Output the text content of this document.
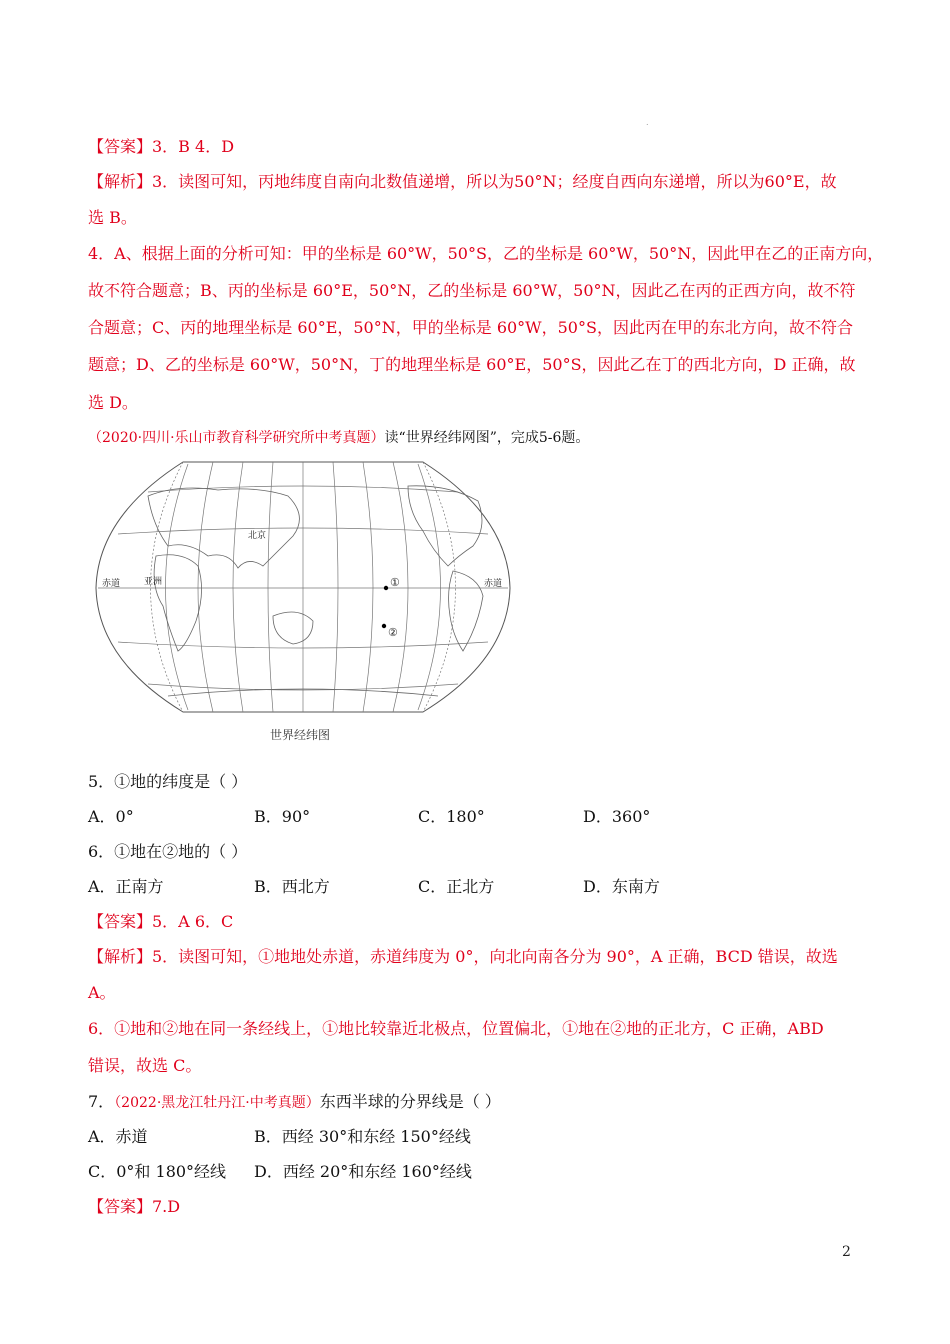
.
【答案】3．B 4．D
【解析】3．读图可知，丙地纬度自南向北数值递增，所以为50°N；经度自西向东递增，所以为60°E，故
选 B。
4．A、根据上面的分析可知：甲的坐标是 60°W，50°S，乙的坐标是 60°W，50°N，因此甲在乙的正南方向，
故不符合题意；B、丙的坐标是 60°E，50°N，乙的坐标是 60°W，50°N，因此乙在丙的正西方向，故不符
合题意；C、丙的地理坐标是 60°E，50°N，甲的坐标是 60°W，50°S，因此丙在甲的东北方向，故不符合
题意；D、乙的坐标是 60°W，50°N，丁的地理坐标是 60°E，50°S，因此乙在丁的西北方向，D 正确，故
选 D。
（2020·四川·乐山市教育科学研究所中考真题）读“世界经纬网图”，完成5-6题。
北京
赤道	赤道
亚洲	①
②
世界经纬图
5．①地的纬度是（ ）
A．0°	B．90°	C．180°	D．360°
6．①地在②地的（ ）
A．正南方	B．西北方	C．正北方	D．东南方
【答案】5．A 6．C
【解析】5．读图可知，①地地处赤道，赤道纬度为 0°，向北向南各分为 90°，A 正确，BCD 错误，故选
A。
6．①地和②地在同一条经线上，①地比较靠近北极点，位置偏北，①地在②地的正北方，C 正确，ABD
错误，故选 C。
7．（2022·黑龙江牡丹江·中考真题）东西半球的分界线是（ ）
A．赤道	B．西经 30°和东经 150°经线
C．0°和 180°经线 D．西经 20°和东经 160°经线
【答案】7.D
2
